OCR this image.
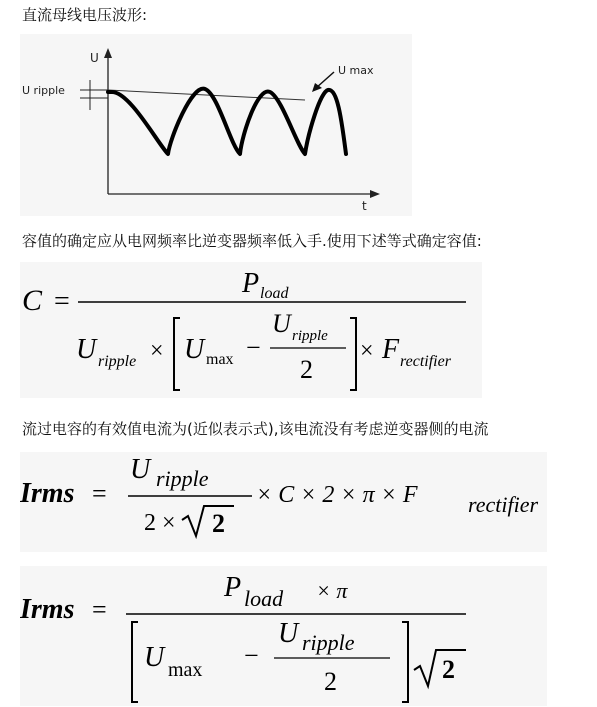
直流母线电压波形:
U
t
U ripple
U max
容值的确定应从电网频率比逆变器频率低入手.使用下述等式确定容值:
C =
P load
U ripple × U max −
U ripple
2
× F rectifier
流过电容的有效值电流为(近似表示式),该电流没有考虑逆变器侧的电流
Irms =
U ripple
2 × 2
× C × 2 × π × F rectifier
Irms =
P load × π
U max −
U ripple
2	2
